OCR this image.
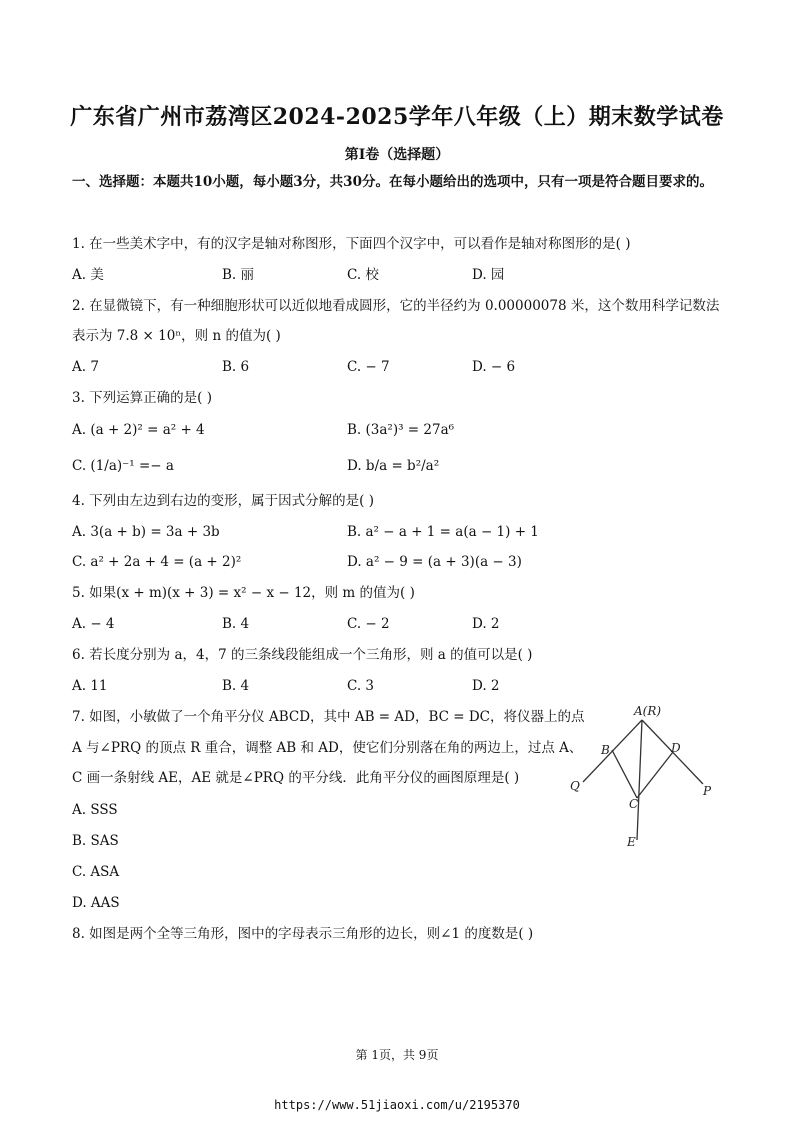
广东省广州市荔湾区2024-2025学年八年级（上）期末数学试卷
第I卷（选择题）
一、选择题：本题共10小题，每小题3分，共30分。在每小题给出的选项中，只有一项是符合题目要求的。
1. 在一些美术字中，有的汉字是轴对称图形，下面四个汉字中，可以看作是轴对称图形的是( )
A. 美	B. 丽	C. 校	D. 园
2. 在显微镜下，有一种细胞形状可以近似地看成圆形，它的半径约为 0.00000078 米，这个数用科学记数法
表示为 7.8 × 10ⁿ，则 n 的值为( )
A. 7	B. 6	C. − 7	D. − 6
3. 下列运算正确的是( )
A. (a + 2)² = a² + 4	B. (3a²)³ = 27a⁶
C. (1/a)⁻¹ =− a	D. b/a = b²/a²
4. 下列由左边到右边的变形，属于因式分解的是( )
A. 3(a + b) = 3a + 3b	B. a² − a + 1 = a(a − 1) + 1
C. a² + 2a + 4 = (a + 2)²	D. a² − 9 = (a + 3)(a − 3)
5. 如果(x + m)(x + 3) = x² − x − 12，则 m 的值为( )
A. − 4	B. 4	C. − 2	D. 2
6. 若长度分别为 a，4，7 的三条线段能组成一个三角形，则 a 的值可以是( )
A. 11	B. 4	C. 3	D. 2
7. 如图，小敏做了一个角平分仪 ABCD，其中 AB = AD，BC = DC，将仪器上的点
A 与∠PRQ 的顶点 R 重合，调整 AB 和 AD，使它们分别落在角的两边上，过点 A、
C 画一条射线 AE，AE 就是∠PRQ 的平分线．此角平分仪的画图原理是( )
A. SSS
B. SAS
C. ASA
D. AAS
A(R)
B	D
C
Q	P
E
8. 如图是两个全等三角形，图中的字母表示三角形的边长，则∠1 的度数是( )
第 1页，共 9页
https://www.51jiaoxi.com/u/2195370
